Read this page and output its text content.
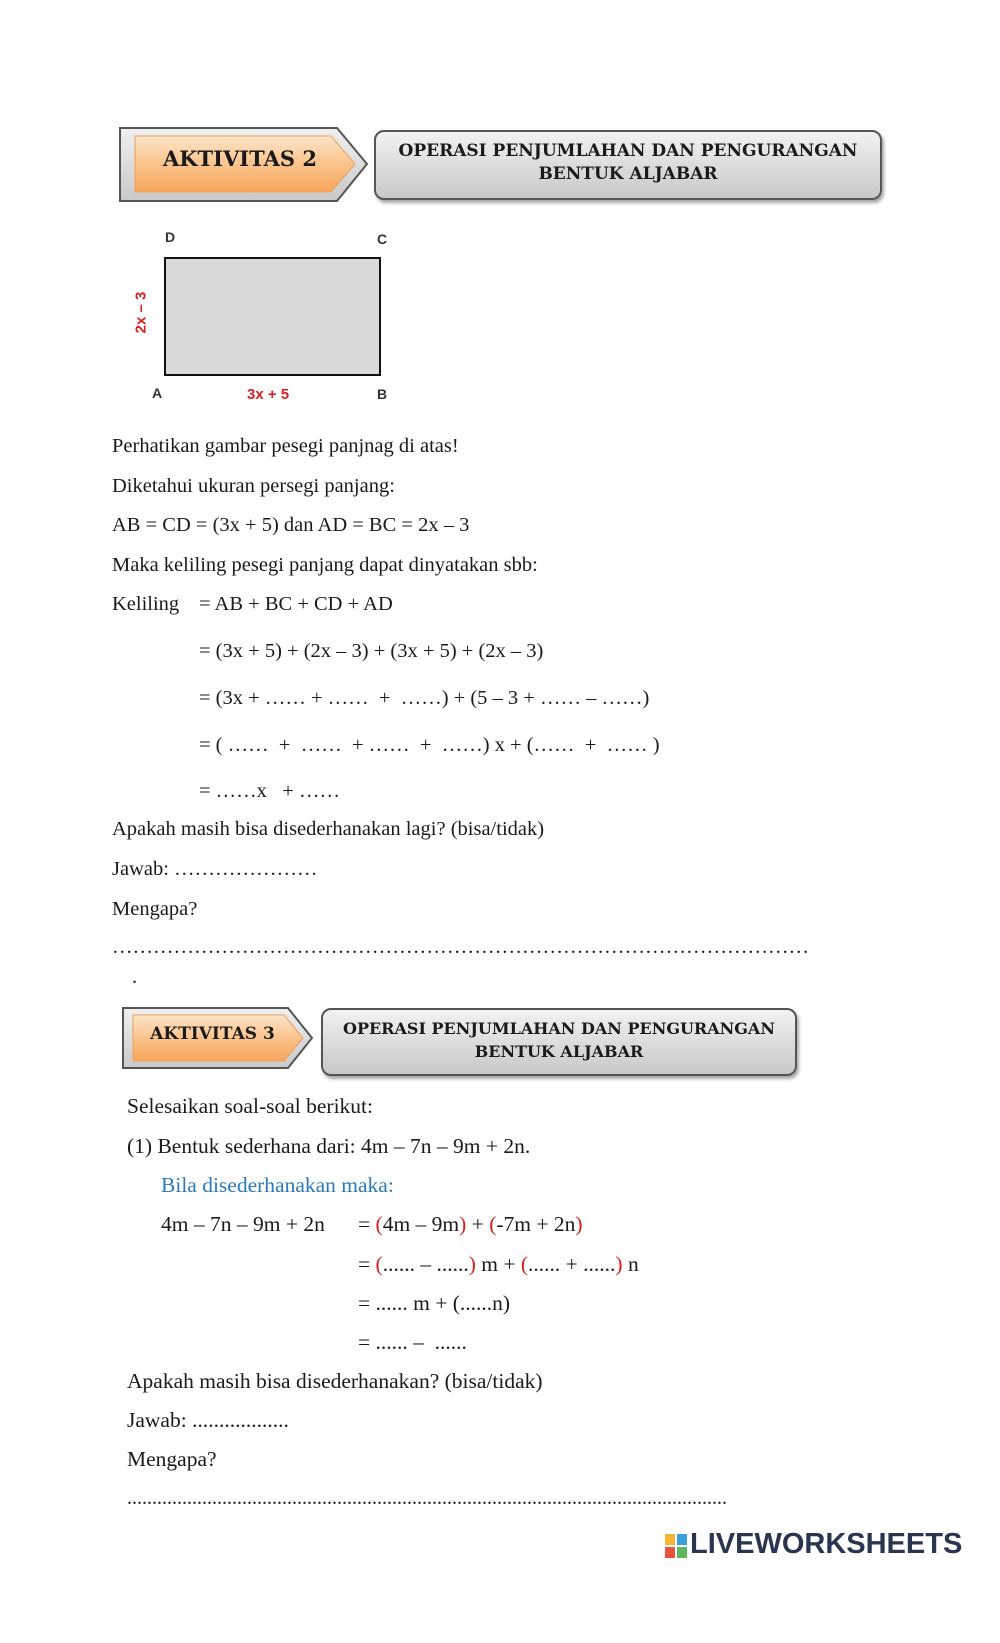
AKTIVITAS 2	OPERASI PENJUMLAHAN DAN PENGURANGAN
BENTUK ALJABAR
D	C
A	B
3x + 5
2x – 3
Perhatikan gambar pesegi panjnag di atas!
Diketahui ukuran persegi panjang:
AB = CD = (3x + 5) dan AD = BC = 2x – 3
Maka keliling pesegi panjang dapat dinyatakan sbb:
Keliling = AB + BC + CD + AD
= (3x + 5) + (2x – 3) + (3x + 5) + (2x – 3)
= (3x + …… + ……  +  ……) + (5 – 3 + …… – ……)
= ( ……  +  ……  + ……  +  ……) x + (……  +  …… )
= ……x   + ……
Apakah masih bisa disederhanakan lagi? (bisa/tidak)
Jawab: …………………
Mengapa?
…………………………………………………………………………………………
.
AKTIVITAS 3	OPERASI PENJUMLAHAN DAN PENGURANGAN
BENTUK ALJABAR
Selesaikan soal-soal berikut:
(1) Bentuk sederhana dari: 4m – 7n – 9m + 2n.
Bila disederhanakan maka:
4m – 7n – 9m + 2n = (4m – 9m) + (-7m + 2n)
= (...... – ......) m + (...... + ......) n
= ...... m + (......n)
= ...... –  ......
Apakah masih bisa disederhanakan? (bisa/tidak)
Jawab: ..................
Mengapa?
........................................................................................................................
LIVEWORKSHEETS
